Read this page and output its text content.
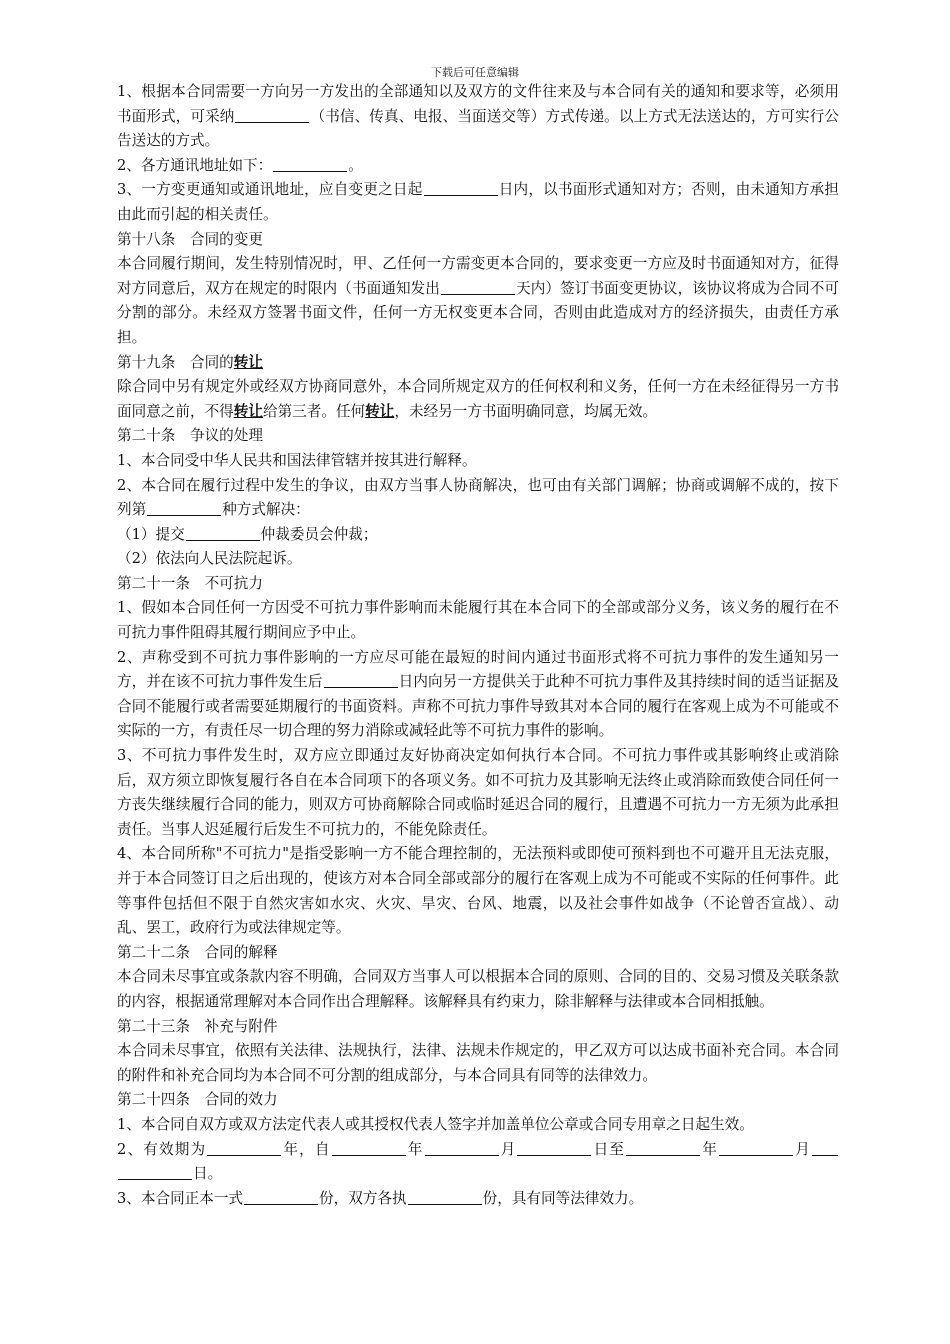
下载后可任意编辑

1、根据本合同需要一方向另一方发出的全部通知以及双方的文件往来及与本合同有关的通知和要求等，必须用书面形式，可采纳	（书信、传真、电报、当面送交等）方式传递。以上方式无法送达的，方可实行公告送达的方式。

2、各方通讯地址如下：	。

3、一方变更通知或通讯地址，应自变更之日起	日内，以书面形式通知对方；否则，由未通知方承担由此而引起的相关责任。

第十八条　合同的变更

本合同履行期间，发生特别情况时，甲、乙任何一方需变更本合同的，要求变更一方应及时书面通知对方，征得对方同意后，双方在规定的时限内（书面通知发出	天内）签订书面变更协议，该协议将成为合同不可分割的部分。未经双方签署书面文件，任何一方无权变更本合同，否则由此造成对方的经济损失，由责任方承担。

第十九条　合同的转让

除合同中另有规定外或经双方协商同意外，本合同所规定双方的任何权利和义务，任何一方在未经征得另一方书面同意之前，不得转让给第三者。任何转让，未经另一方书面明确同意，均属无效。

第二十条　争议的处理

1、本合同受中华人民共和国法律管辖并按其进行解释。

2、本合同在履行过程中发生的争议，由双方当事人协商解决，也可由有关部门调解；协商或调解不成的，按下列第	种方式解决：

（1）提交	仲裁委员会仲裁；

（2）依法向人民法院起诉。

第二十一条　不可抗力

1、假如本合同任何一方因受不可抗力事件影响而未能履行其在本合同下的全部或部分义务，该义务的履行在不可抗力事件阻碍其履行期间应予中止。

2、声称受到不可抗力事件影响的一方应尽可能在最短的时间内通过书面形式将不可抗力事件的发生通知另一方，并在该不可抗力事件发生后	日内向另一方提供关于此种不可抗力事件及其持续时间的适当证据及合同不能履行或者需要延期履行的书面资料。声称不可抗力事件导致其对本合同的履行在客观上成为不可能或不实际的一方，有责任尽一切合理的努力消除或减轻此等不可抗力事件的影响。

3、不可抗力事件发生时，双方应立即通过友好协商决定如何执行本合同。不可抗力事件或其影响终止或消除后，双方须立即恢复履行各自在本合同项下的各项义务。如不可抗力及其影响无法终止或消除而致使合同任何一方丧失继续履行合同的能力，则双方可协商解除合同或临时延迟合同的履行，且遭遇不可抗力一方无须为此承担责任。当事人迟延履行后发生不可抗力的，不能免除责任。

4、本合同所称"不可抗力"是指受影响一方不能合理控制的，无法预料或即使可预料到也不可避开且无法克服，并于本合同签订日之后出现的，使该方对本合同全部或部分的履行在客观上成为不可能或不实际的任何事件。此等事件包括但不限于自然灾害如水灾、火灾、旱灾、台风、地震，以及社会事件如战争（不论曾否宣战）、动乱、罢工，政府行为或法律规定等。

第二十二条　合同的解释

本合同未尽事宜或条款内容不明确，合同双方当事人可以根据本合同的原则、合同的目的、交易习惯及关联条款的内容，根据通常理解对本合同作出合理解释。该解释具有约束力，除非解释与法律或本合同相抵触。

第二十三条　补充与附件

本合同未尽事宜，依照有关法律、法规执行，法律、法规未作规定的，甲乙双方可以达成书面补充合同。本合同的附件和补充合同均为本合同不可分割的组成部分，与本合同具有同等的法律效力。

第二十四条　合同的效力

1、本合同自双方或双方法定代表人或其授权代表人签字并加盖单位公章或合同专用章之日起生效。

2、有效期为	年，自	年	月	日至	年	月日。

3、本合同正本一式	份，双方各执	份，具有同等法律效力。
